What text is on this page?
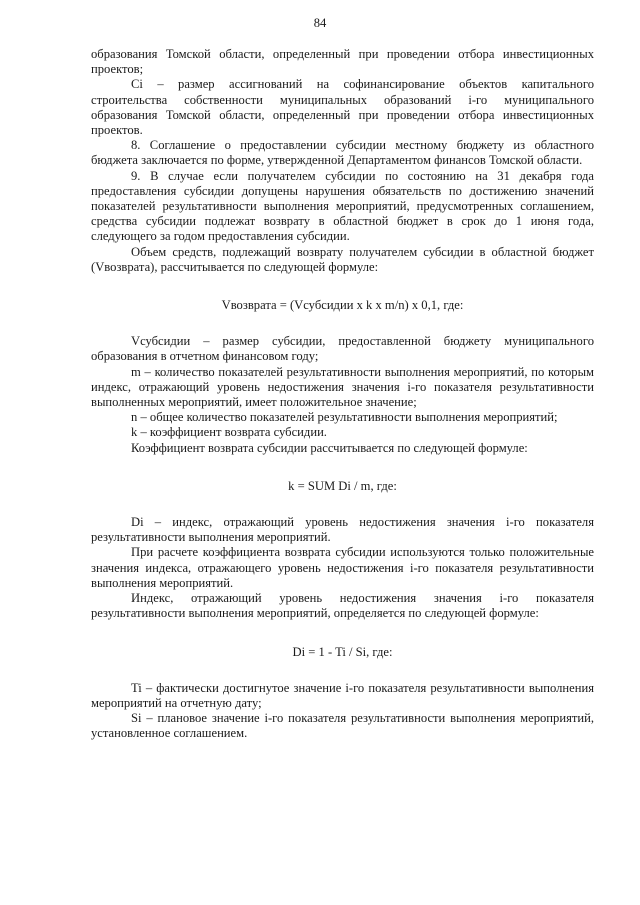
84

образования Томской области, определенный при проведении отбора инвестиционных проектов;

Ci – размер ассигнований на софинансирование объектов капитального строительства собственности муниципальных образований i-го муниципального образования Томской области, определенный при проведении отбора инвестиционных проектов.

8. Соглашение о предоставлении субсидии местному бюджету из областного бюджета заключается по форме, утвержденной Департаментом финансов Томской области.

9. В случае если получателем субсидии по состоянию на 31 декабря года предоставления субсидии допущены нарушения обязательств по достижению значений показателей результативности выполнения мероприятий, предусмотренных соглашением, средства субсидии подлежат возврату в областной бюджет в срок до 1 июня года, следующего за годом предоставления субсидии.

Объем средств, подлежащий возврату получателем субсидии в областной бюджет (Vвозврата), рассчитывается по следующей формуле:

Vвозврата = (Vсубсидии x k x m/n) x 0,1, где:

Vсубсидии – размер субсидии, предоставленной бюджету муниципального образования в отчетном финансовом году;

m – количество показателей результативности выполнения мероприятий, по которым индекс, отражающий уровень недостижения значения i-го показателя результативности выполненных мероприятий, имеет положительное значение;

n – общее количество показателей результативности выполнения мероприятий;

k – коэффициент возврата субсидии.

Коэффициент возврата субсидии рассчитывается по следующей формуле:

k = SUM Di / m, где:

Di – индекс, отражающий уровень недостижения значения i-го показателя результативности выполнения мероприятий.

При расчете коэффициента возврата субсидии используются только положительные значения индекса, отражающего уровень недостижения i-го показателя результативности выполнения мероприятий.

Индекс, отражающий уровень недостижения значения i-го показателя результативности выполнения мероприятий, определяется по следующей формуле:

Di = 1 - Ti / Si, где:

Ti – фактически достигнутое значение i-го показателя результативности выполнения мероприятий на отчетную дату;

Si – плановое значение i-го показателя результативности выполнения мероприятий, установленное соглашением.
